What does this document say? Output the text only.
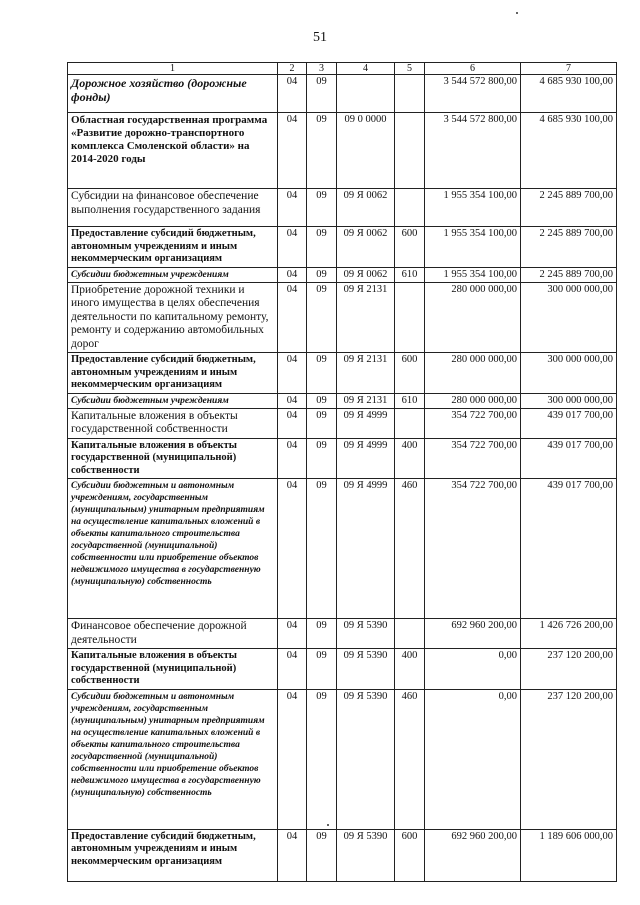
51
1	2	3	4	5	6	7
Дорожное хозяйство (дорожные фонды)	04	09			3 544 572 800,00	4 685 930 100,00
Областная государственная программа «Развитие дорожно-транспортного комплекса Смоленской области» на 2014-2020 годы	04	09	09 0 0000		3 544 572 800,00	4 685 930 100,00
Субсидии на финансовое обеспечение выполнения государственного задания	04	09	09 Я 0062		1 955 354 100,00	2 245 889 700,00
Предоставление субсидий бюджетным, автономным учреждениям и иным некоммерческим организациям	04	09	09 Я 0062	600	1 955 354 100,00	2 245 889 700,00
Субсидии бюджетным учреждениям	04	09	09 Я 0062	610	1 955 354 100,00	2 245 889 700,00
Приобретение дорожной техники и иного имущества в целях обеспечения деятельности по капитальному ремонту, ремонту и содержанию автомобильных дорог	04	09	09 Я 2131		280 000 000,00	300 000 000,00
Предоставление субсидий бюджетным, автономным учреждениям и иным некоммерческим организациям	04	09	09 Я 2131	600	280 000 000,00	300 000 000,00
Субсидии бюджетным учреждениям	04	09	09 Я 2131	610	280 000 000,00	300 000 000,00
Капитальные вложения в объекты государственной собственности	04	09	09 Я 4999		354 722 700,00	439 017 700,00
Капитальные вложения в объекты государственной (муниципальной) собственности	04	09	09 Я 4999	400	354 722 700,00	439 017 700,00
Субсидии бюджетным и автономным учреждениям, государственным (муниципальным) унитарным предприятиям на осуществление капитальных вложений в объекты капитального строительства государственной (муниципальной) собственности или приобретение объектов недвижимого имущества в государственную (муниципальную) собственность	04	09	09 Я 4999	460	354 722 700,00	439 017 700,00
Финансовое обеспечение дорожной деятельности	04	09	09 Я 5390		692 960 200,00	1 426 726 200,00
Капитальные вложения в объекты государственной (муниципальной) собственности	04	09	09 Я 5390	400	0,00	237 120 200,00
Субсидии бюджетным и автономным учреждениям, государственным (муниципальным) унитарным предприятиям на осуществление капитальных вложений в объекты капитального строительства государственной (муниципальной) собственности или приобретение объектов недвижимого имущества в государственную (муниципальную) собственность	04	09	09 Я 5390	460	0,00	237 120 200,00
Предоставление субсидий бюджетным, автономным учреждениям и иным некоммерческим организациям	04	09	09 Я 5390	600	692 960 200,00	1 189 606 000,00
